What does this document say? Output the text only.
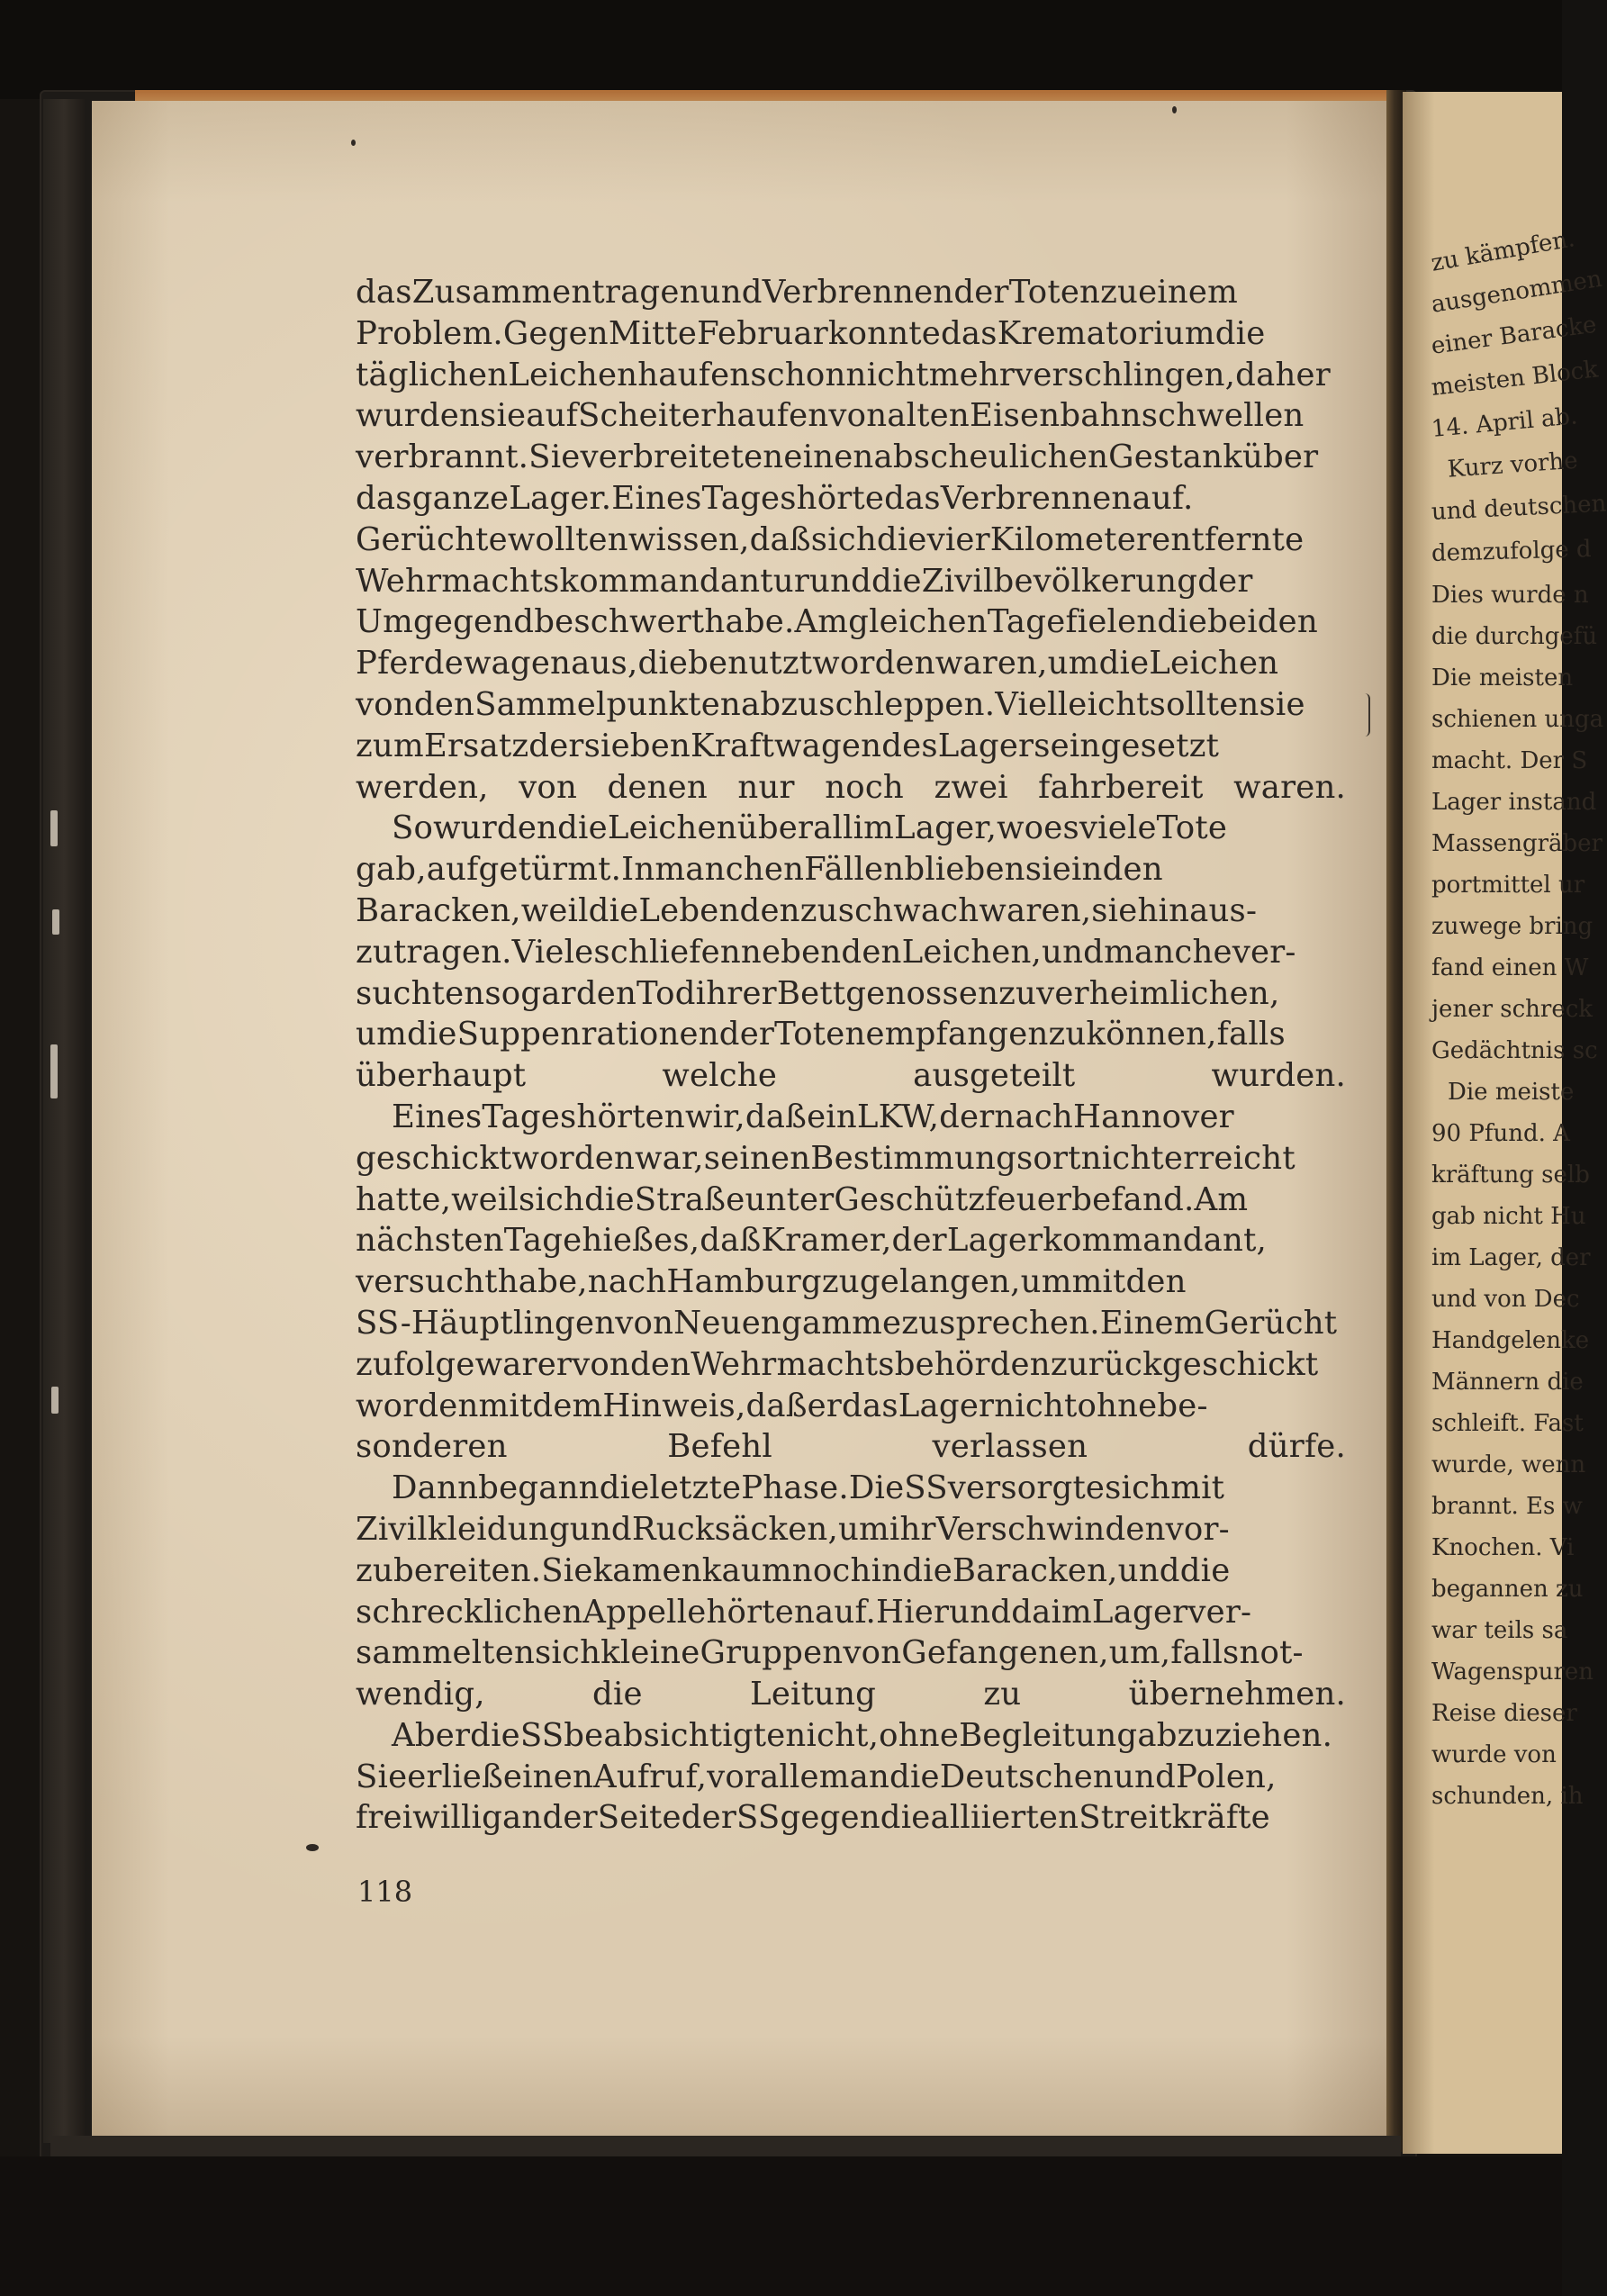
dasZusammentragenundVerbrennenderTotenzueinem
Problem.GegenMitteFebruarkonntedasKrematoriumdie
täglichenLeichenhaufenschonnichtmehrverschlingen,daher
wurdensieaufScheiterhaufenvonaltenEisenbahnschwellen
verbrannt.SieverbreiteteneinenabscheulichenGestanküber
dasganzeLager.EinesTageshörtedasVerbrennenauf.
Gerüchtewolltenwissen,daßsichdievierKilometerentfernte
WehrmachtskommandanturunddieZivilbevölkerungder
Umgegendbeschwerthabe.AmgleichenTagefielendiebeiden
Pferdewagenaus,diebenutztwordenwaren,umdieLeichen
vondenSammelpunktenabzuschleppen.Vielleichtsolltensie
zumErsatzdersiebenKraftwagendesLagerseingesetzt
werden, von denen nur noch zwei fahrbereit waren.
SowurdendieLeichenüberallimLager,woesvieleTote
gab,aufgetürmt.InmanchenFällenbliebensieinden
Baracken,weildieLebendenzuschwachwaren,siehinaus-
zutragen.VieleschliefennebendenLeichen,undmanchever-
suchtensogardenTodihrerBettgenossenzuverheimlichen,
umdieSuppenrationenderTotenempfangenzukönnen,falls
überhaupt welche ausgeteilt wurden.
EinesTageshörtenwir,daßeinLKW,dernachHannover
geschicktwordenwar,seinenBestimmungsortnichterreicht
hatte,weilsichdieStraßeunterGeschützfeuerbefand.Am
nächstenTagehießes,daßKramer,derLagerkommandant,
versuchthabe,nachHamburgzugelangen,ummitden
SS-HäuptlingenvonNeuengammezusprechen.EinemGerücht
zufolgewarervondenWehrmachtsbehördenzurückgeschickt
wordenmitdemHinweis,daßerdasLagernichtohnebe-
sonderen Befehl verlassen dürfe.
DannbeganndieletztePhase.DieSSversorgtesichmit
ZivilkleidungundRucksäcken,umihrVerschwindenvor-
zubereiten.SiekamenkaumnochindieBaracken,unddie
schrecklichenAppellehörtenauf.HierunddaimLagerver-
sammeltensichkleineGruppenvonGefangenen,um,fallsnot-
wendig, die Leitung zu übernehmen.
AberdieSSbeabsichtigtenicht,ohneBegleitungabzuziehen.
SieerließeinenAufruf,vorallemandieDeutschenundPolen,
freiwilliganderSeitederSSgegendiealliiertenStreitkräfte
118
zu kämpfen.
ausgenommen
einer Baracke
meisten Block
14. April ab.
Kurz vorhe
und deutschen
demzufolge d
Dies wurde n
die durchgefü
Die meisten
schienen unga
macht. Der S
Lager instand
Massengräber
portmittel ur
zuwege bring
fand einen W
jener schreck
Gedächtnis sc
Die meiste
90 Pfund. A
kräftung selb
gab nicht Hu
im Lager, der
und von Dec
Handgelenke
Männern die
schleift. Fast
wurde, wenn
brannt. Es w
Knochen. Vi
begannen zu
war teils sa
Wagenspuren
Reise dieser
wurde von
schunden, ih
